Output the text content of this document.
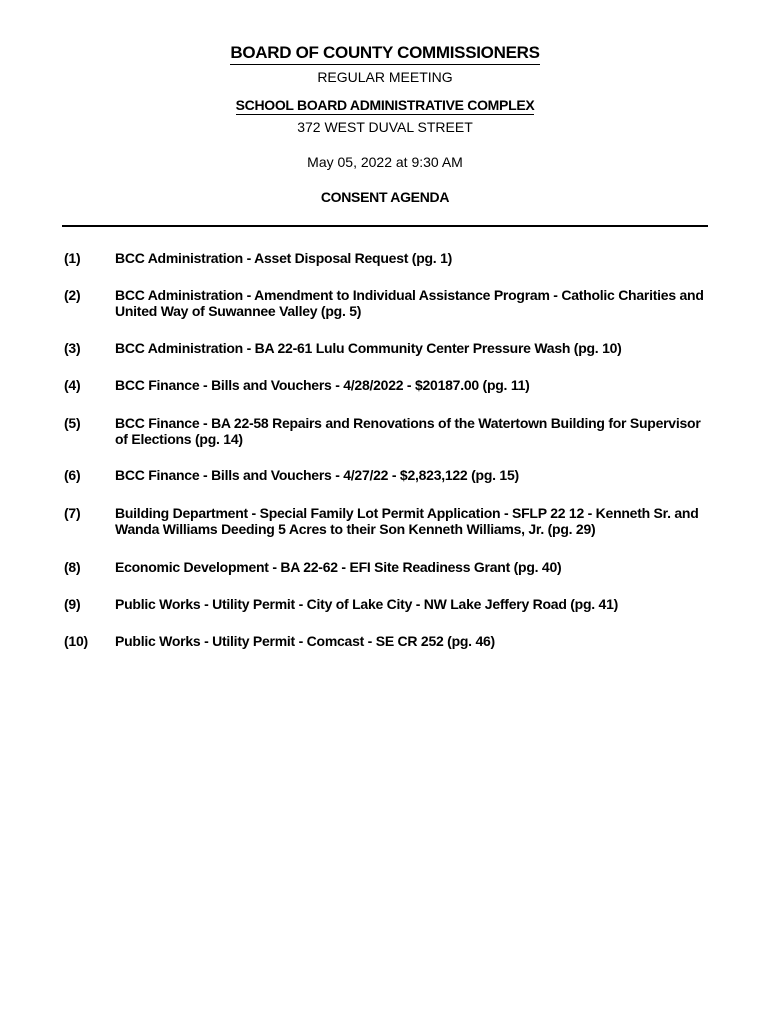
BOARD OF COUNTY COMMISSIONERS
REGULAR MEETING
SCHOOL BOARD ADMINISTRATIVE COMPLEX
372 WEST DUVAL STREET
May 05, 2022 at 9:30 AM
CONSENT AGENDA
(1) BCC Administration - Asset Disposal Request (pg. 1)
(2) BCC Administration - Amendment to Individual Assistance Program - Catholic Charities and United Way of Suwannee Valley (pg. 5)
(3) BCC Administration - BA 22-61 Lulu Community Center Pressure Wash (pg. 10)
(4) BCC Finance - Bills and Vouchers - 4/28/2022 - $20187.00 (pg. 11)
(5) BCC Finance - BA 22-58 Repairs and Renovations of the Watertown Building for Supervisor of Elections (pg. 14)
(6) BCC Finance - Bills and Vouchers - 4/27/22 - $2,823,122 (pg. 15)
(7) Building Department - Special Family Lot Permit Application - SFLP 22 12 - Kenneth Sr. and Wanda Williams Deeding 5 Acres to their Son Kenneth Williams, Jr. (pg. 29)
(8) Economic Development - BA 22-62 - EFI Site Readiness Grant (pg. 40)
(9) Public Works - Utility Permit - City of Lake City - NW Lake Jeffery Road (pg. 41)
(10) Public Works - Utility Permit - Comcast - SE CR 252 (pg. 46)
